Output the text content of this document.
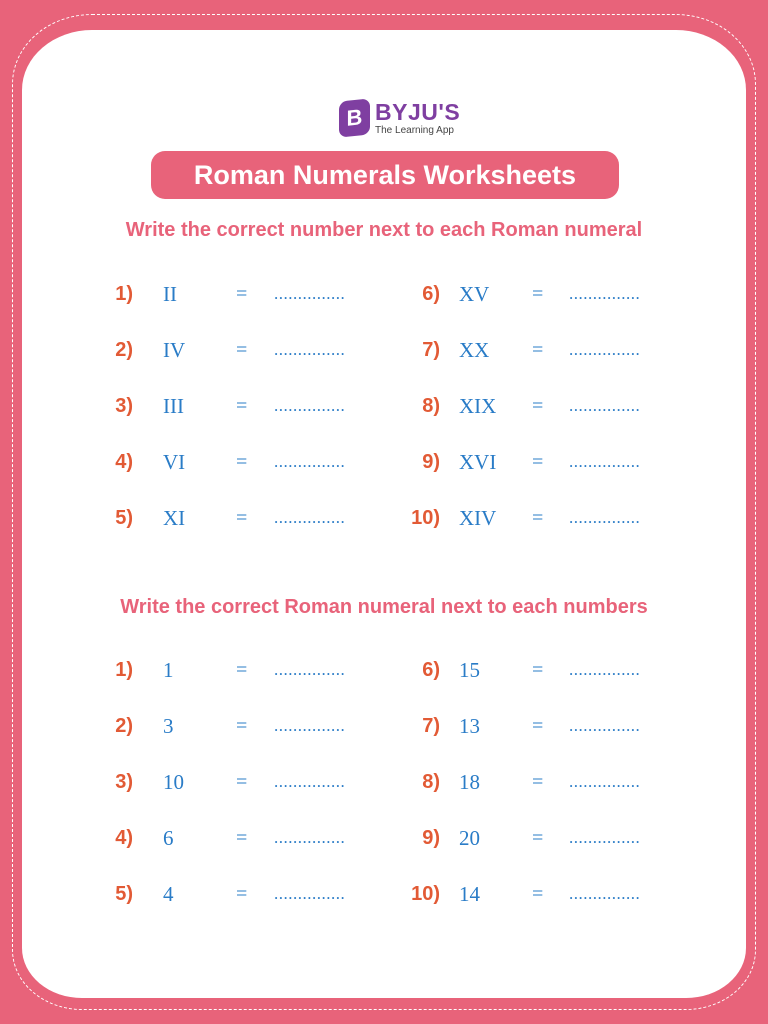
B BYJU'S
The Learning App
Roman Numerals Worksheets
Write the correct number next to each Roman numeral
1) II	= ...............	6) XV = ...............
2) IV	= ...............	7) XX = ...............
3) III	= ...............	8) XIX = ...............
4) VI	= ...............	9) XVI = ...............
5) XI	= ...............	10) XIV = ...............
Write the correct Roman numeral next to each numbers
1) 1	= ...............	6) 15	= ...............
2) 3	= ...............	7) 13	= ...............
3) 10	= ...............	8) 18	= ...............
4) 6	= ...............	9) 20	= ...............
5) 4	= ...............	10) 14	= ...............
